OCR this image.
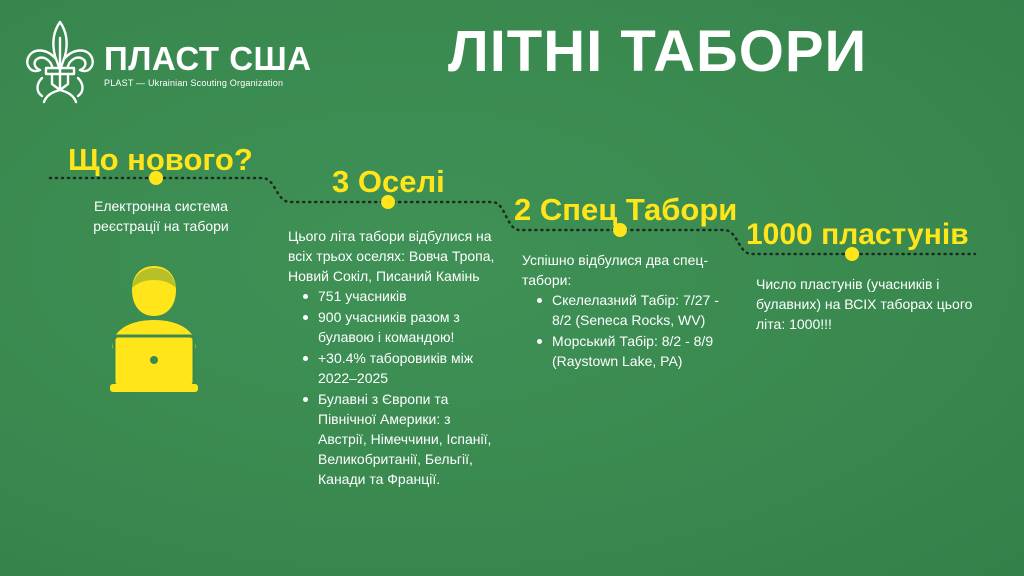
ПЛАСТ США
PLAST — Ukrainian Scouting Organization	ЛІТНІ ТАБОРИ
Що нового?
Електронна система реєстрації на табори
3 Оселі
Цього літа табори відбулися на всіх трьох оселях: Вовча Тропа, Новий Сокіл, Писаний Камінь
751 учасників
900 учасників разом з булавою і командою!
+30.4% таборовиків між 2022–2025
Булавні з Європи та Північної Америки: з Австрії, Німеччини, Іспанії, Великобританії, Бельгії, Канади та Франції.
2 Спец Табори
Успішно відбулися два спец-табори:
Скелелазний Табір: 7/27 - 8/2 (Seneca Rocks, WV)
Морський Табір: 8/2 - 8/9 (Raystown Lake, PA)
1000 пластунів
Число пластунів (учасників і булавних) на ВСІХ таборах цього літа: 1000!!!
